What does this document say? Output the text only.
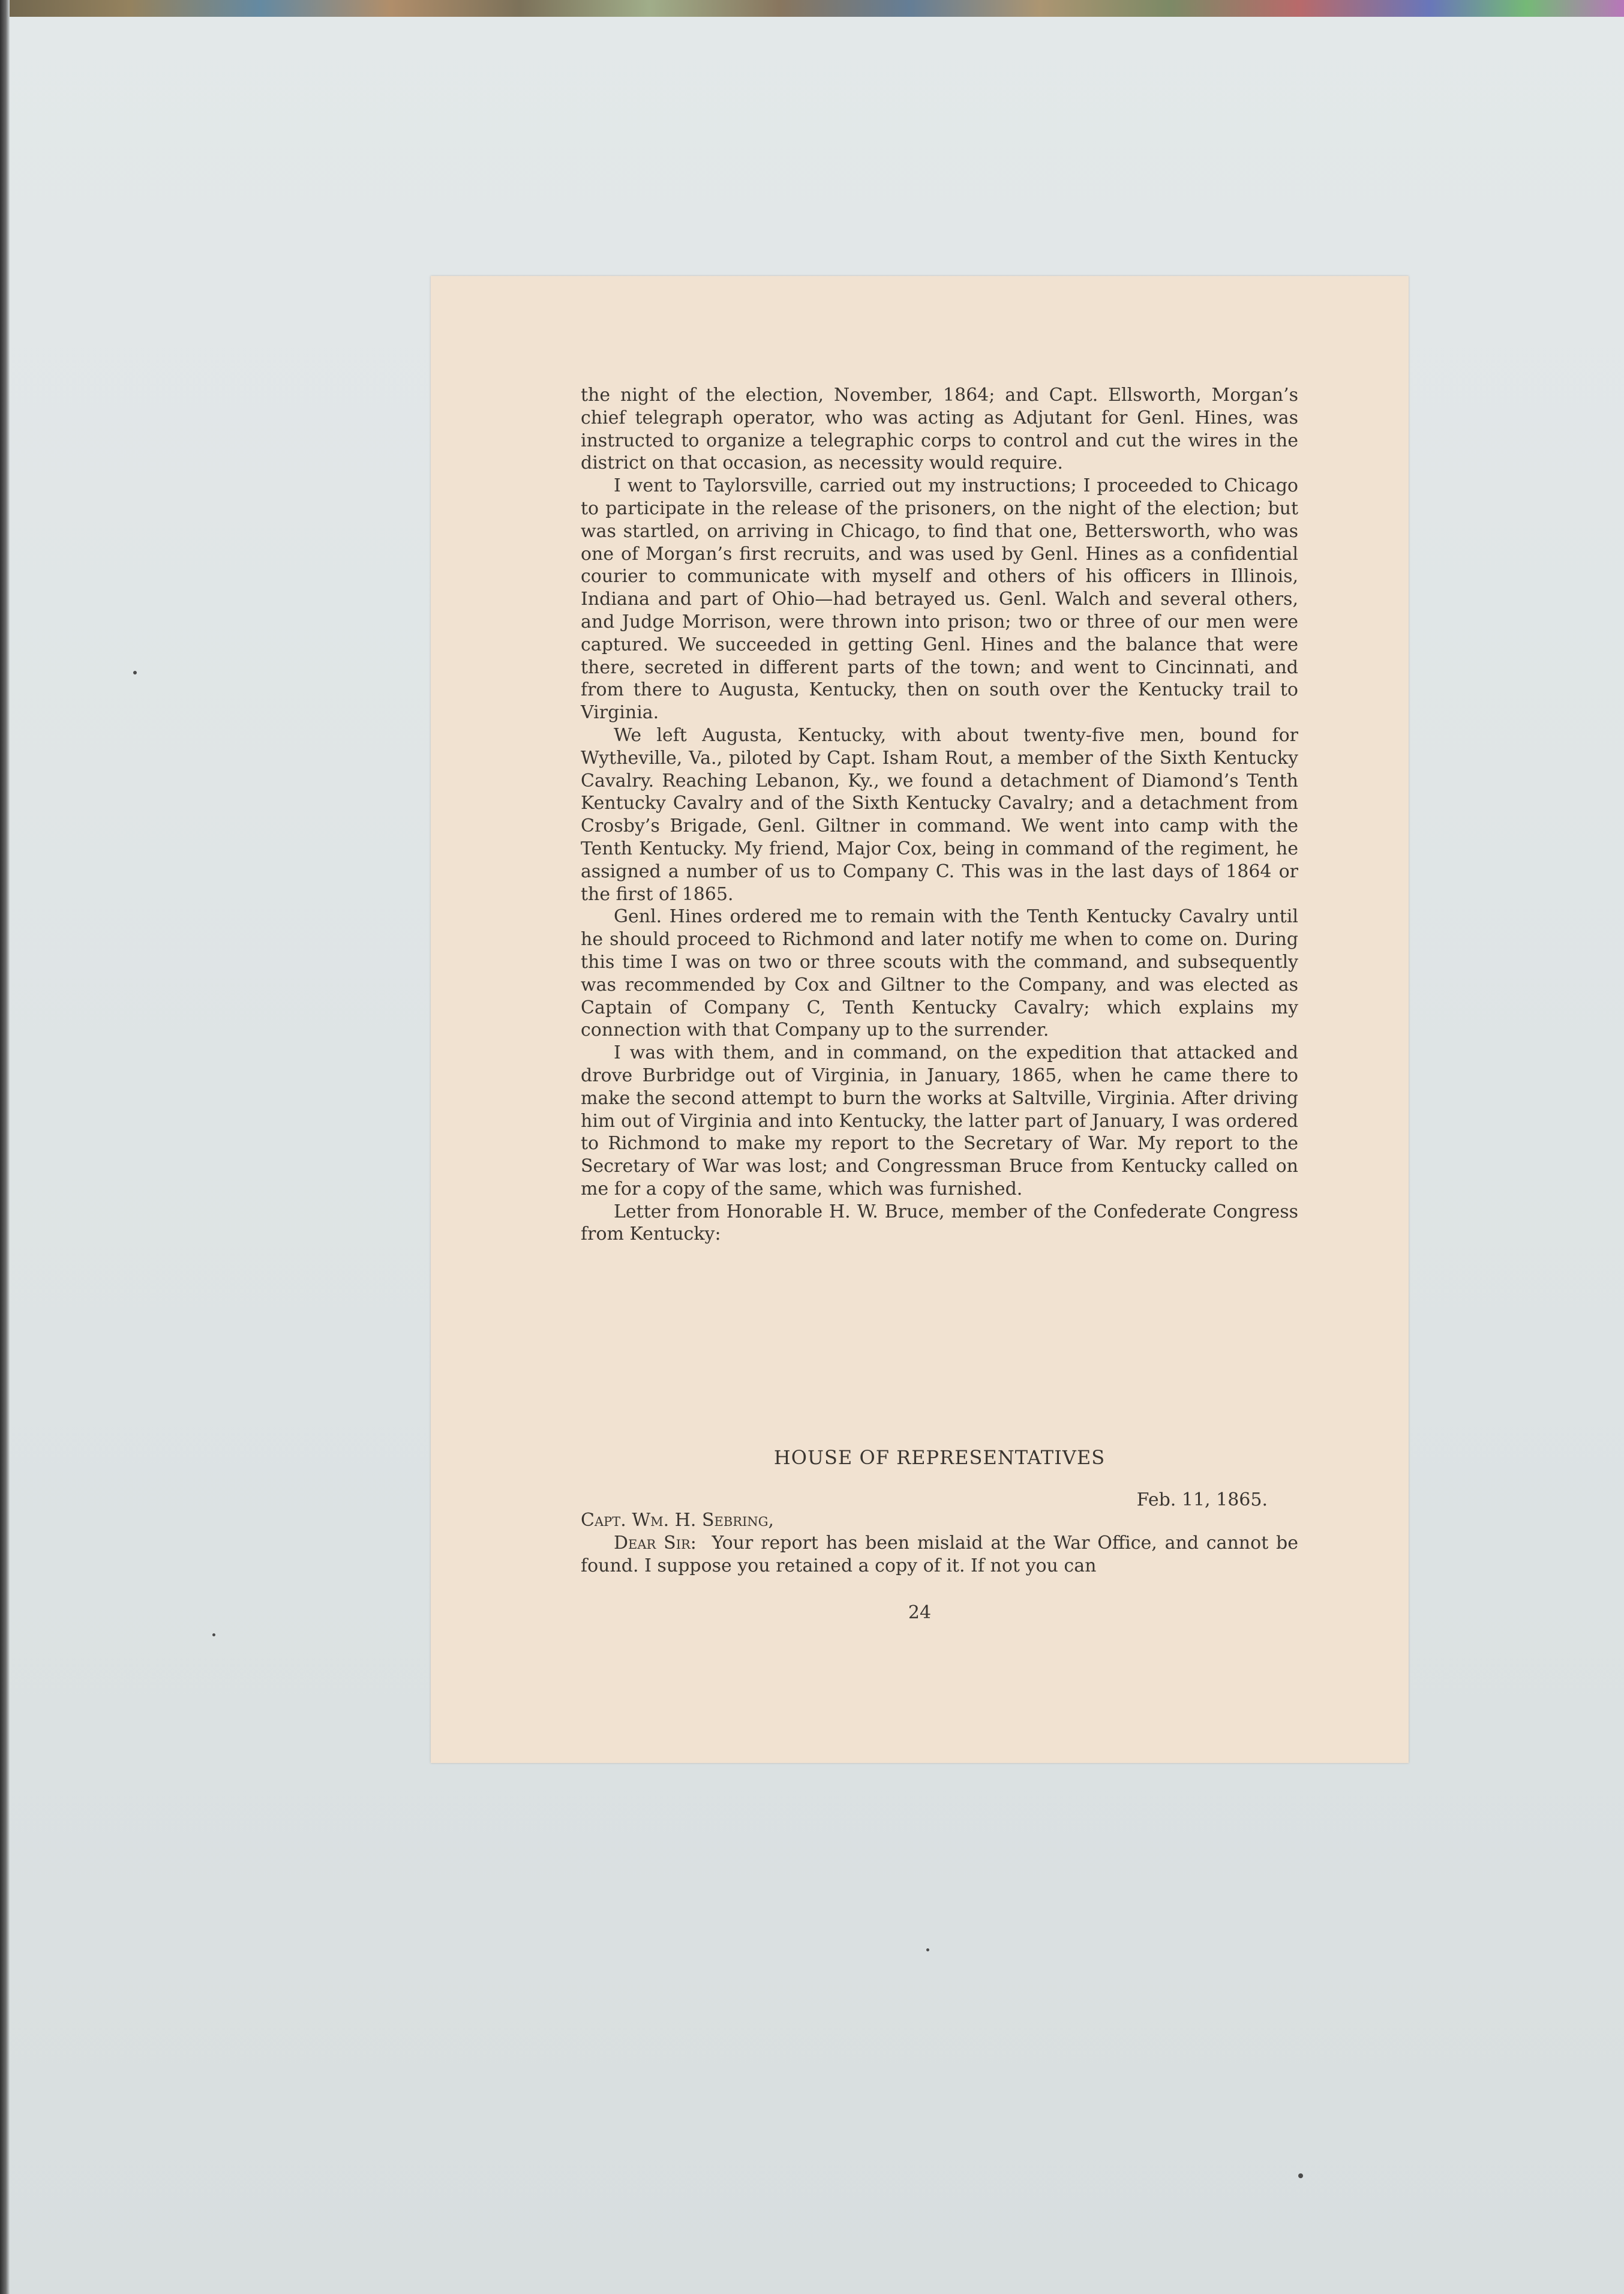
the night of the election, November, 1864; and Capt. Ellsworth, Morgan’s chief telegraph operator, who was acting as Adjutant for Genl. Hines, was instructed to organize a telegraphic corps to control and cut the wires in the district on that occasion, as necessity would require.

I went to Taylorsville, carried out my instructions; I proceeded to Chicago to participate in the release of the prisoners, on the night of the election; but was startled, on arriving in Chicago, to find that one, Bettersworth, who was one of Morgan’s first recruits, and was used by Genl. Hines as a confidential courier to communicate with myself and others of his officers in Illinois, Indiana and part of Ohio—had betrayed us. Genl. Walch and several others, and Judge Morrison, were thrown into prison; two or three of our men were captured. We succeeded in getting Genl. Hines and the balance that were there, secreted in different parts of the town; and went to Cincinnati, and from there to Augusta, Kentucky, then on south over the Kentucky trail to Virginia.

We left Augusta, Kentucky, with about twenty-five men, bound for Wytheville, Va., piloted by Capt. Isham Rout, a member of the Sixth Kentucky Cavalry. Reaching Lebanon, Ky., we found a detachment of Diamond’s Tenth Kentucky Cavalry and of the Sixth Kentucky Cavalry; and a detachment from Crosby’s Brigade, Genl. Giltner in command. We went into camp with the Tenth Kentucky. My friend, Major Cox, being in command of the regiment, he assigned a number of us to Company C. This was in the last days of 1864 or the first of 1865.

Genl. Hines ordered me to remain with the Tenth Kentucky Cavalry until he should proceed to Richmond and later notify me when to come on. During this time I was on two or three scouts with the command, and subsequently was recommended by Cox and Giltner to the Company, and was elected as Captain of Company C, Tenth Kentucky Cavalry; which explains my connection with that Company up to the surrender.

I was with them, and in command, on the expedition that attacked and drove Burbridge out of Virginia, in January, 1865, when he came there to make the second attempt to burn the works at Saltville, Virginia. After driving him out of Virginia and into Kentucky, the latter part of January, I was ordered to Richmond to make my report to the Secretary of War. My report to the Secretary of War was lost; and Congressman Bruce from Kentucky called on me for a copy of the same, which was furnished.

Letter from Honorable H. W. Bruce, member of the Confederate Congress from Kentucky:

HOUSE OF REPRESENTATIVES
Feb. 11, 1865.

Capt. Wm. H. Sebring,

Dear Sir: Your report has been mislaid at the War Office, and cannot be found. I suppose you retained a copy of it. If not you can

24
